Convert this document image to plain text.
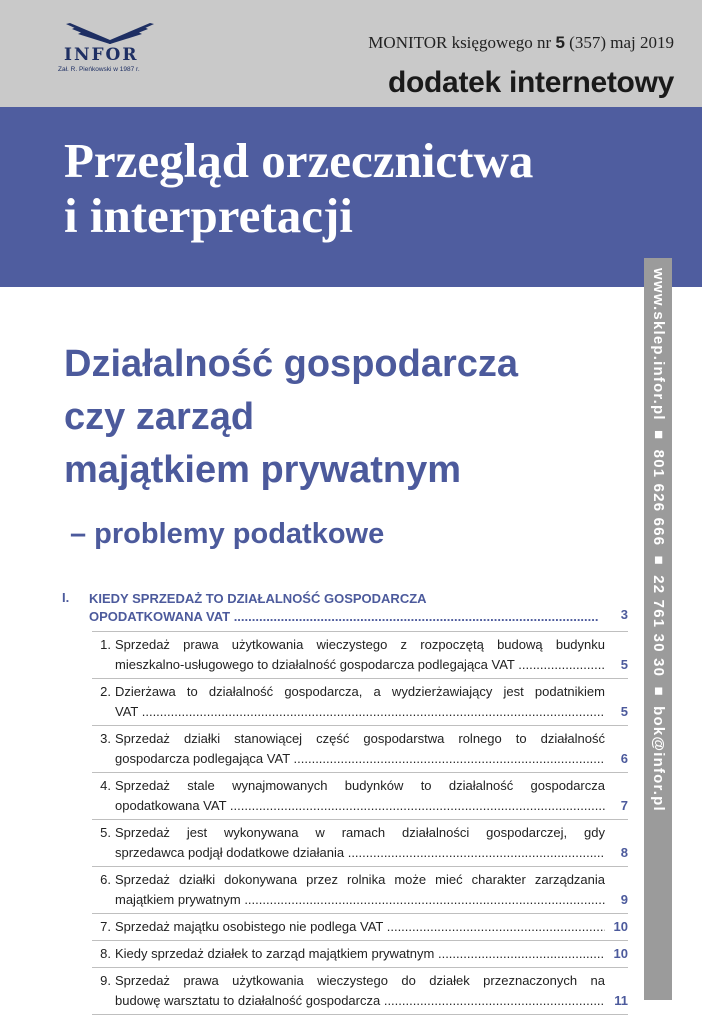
INFOR
Zał. R. Pieńkowski w 1987 r.
MONITOR księgowego nr 5 (357) maj 2019
dodatek internetowy
Przegląd orzecznictwa
i interpretacji
www.sklep.infor.pl ■ 801 626 666 ■ 22 761 30 30 ■ bok@infor.pl
Działalność gospodarcza
czy zarząd
majątkiem prywatnym
– problemy podatkowe
I. KIEDY SPRZEDAŻ TO DZIAŁALNOŚĆ GOSPODARCZA
OPODATKOWANA VAT .....	3
1. Sprzedaż prawa użytkowania wieczystego z rozpoczętą budową budynku
mieszkalno-usługowego to działalność gospodarcza podlegająca VAT .....	5
2. Dzierżawa to działalność gospodarcza, a wydzierżawiający jest podatnikiem
VAT .....	5
3. Sprzedaż działki stanowiącej część gospodarstwa rolnego to działalność
gospodarcza podlegająca VAT .....	6
4. Sprzedaż stale wynajmowanych budynków to działalność gospodarcza
opodatkowana VAT .....	7
5. Sprzedaż jest wykonywana w ramach działalności gospodarczej, gdy
sprzedawca podjął dodatkowe działania .....	8
6. Sprzedaż działki dokonywana przez rolnika może mieć charakter zarządzania
majątkiem prywatnym .....	9
7. Sprzedaż majątku osobistego nie podlega VAT .....	10
8. Kiedy sprzedaż działek to zarząd majątkiem prywatnym .....	10
9. Sprzedaż prawa użytkowania wieczystego do działek przeznaczonych na
budowę warsztatu to działalność gospodarcza .....	11
